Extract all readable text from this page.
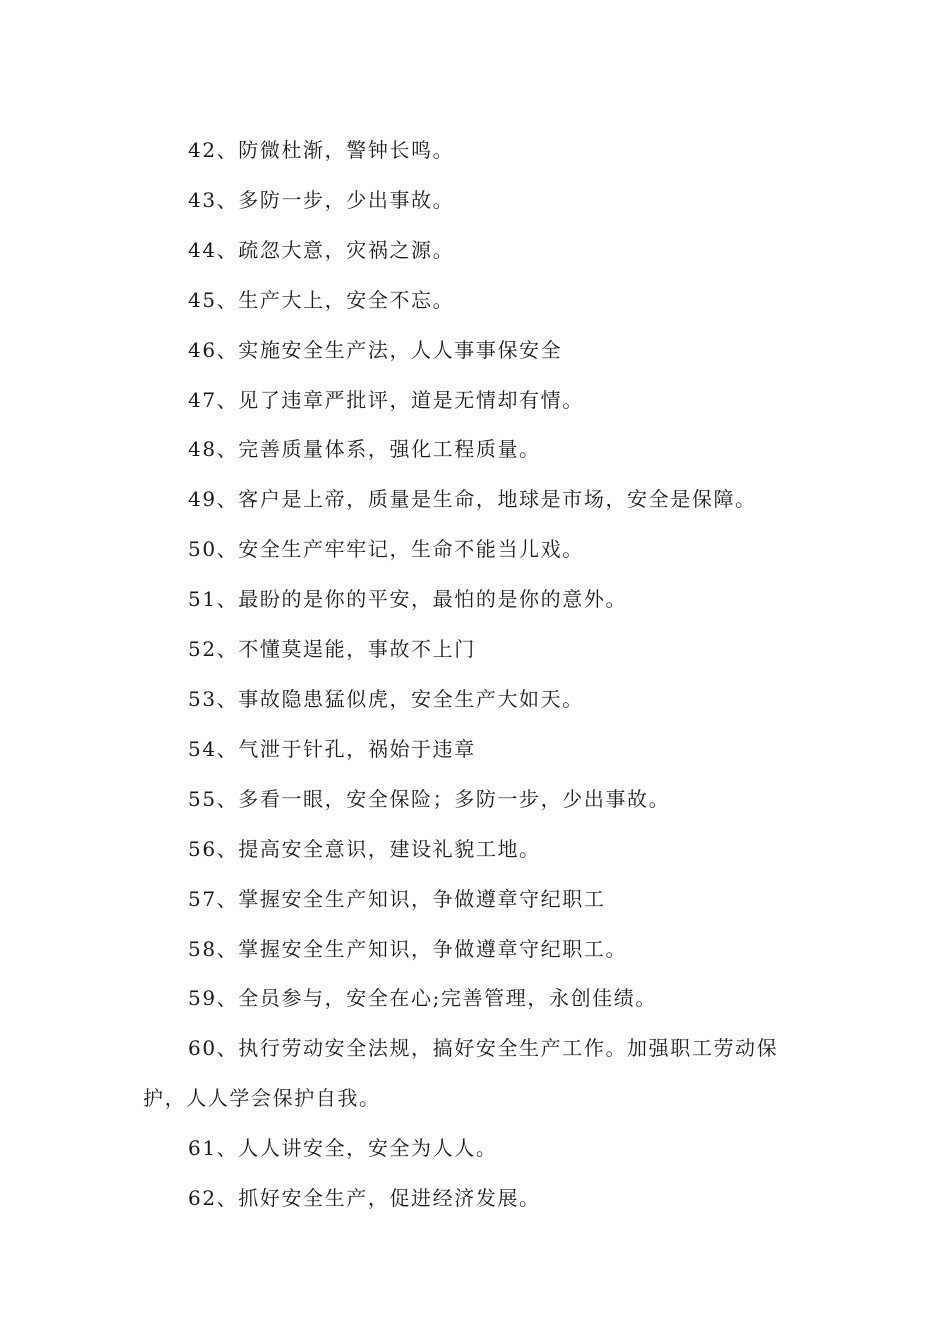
42、防微杜渐，警钟长鸣。

43、多防一步，少出事故。

44、疏忽大意，灾祸之源。

45、生产大上，安全不忘。

46、实施安全生产法，人人事事保安全

47、见了违章严批评，道是无情却有情。

48、完善质量体系，强化工程质量。

49、客户是上帝，质量是生命，地球是市场，安全是保障。

50、安全生产牢牢记，生命不能当儿戏。

51、最盼的是你的平安，最怕的是你的意外。

52、不懂莫逞能，事故不上门

53、事故隐患猛似虎，安全生产大如天。

54、气泄于针孔，祸始于违章

55、多看一眼，安全保险；多防一步，少出事故。

56、提高安全意识，建设礼貌工地。

57、掌握安全生产知识，争做遵章守纪职工

58、掌握安全生产知识，争做遵章守纪职工。

59、全员参与，安全在心;完善管理，永创佳绩。

60、执行劳动安全法规，搞好安全生产工作。加强职工劳动保护，人人学会保护自我。

61、人人讲安全，安全为人人。

62、抓好安全生产，促进经济发展。
